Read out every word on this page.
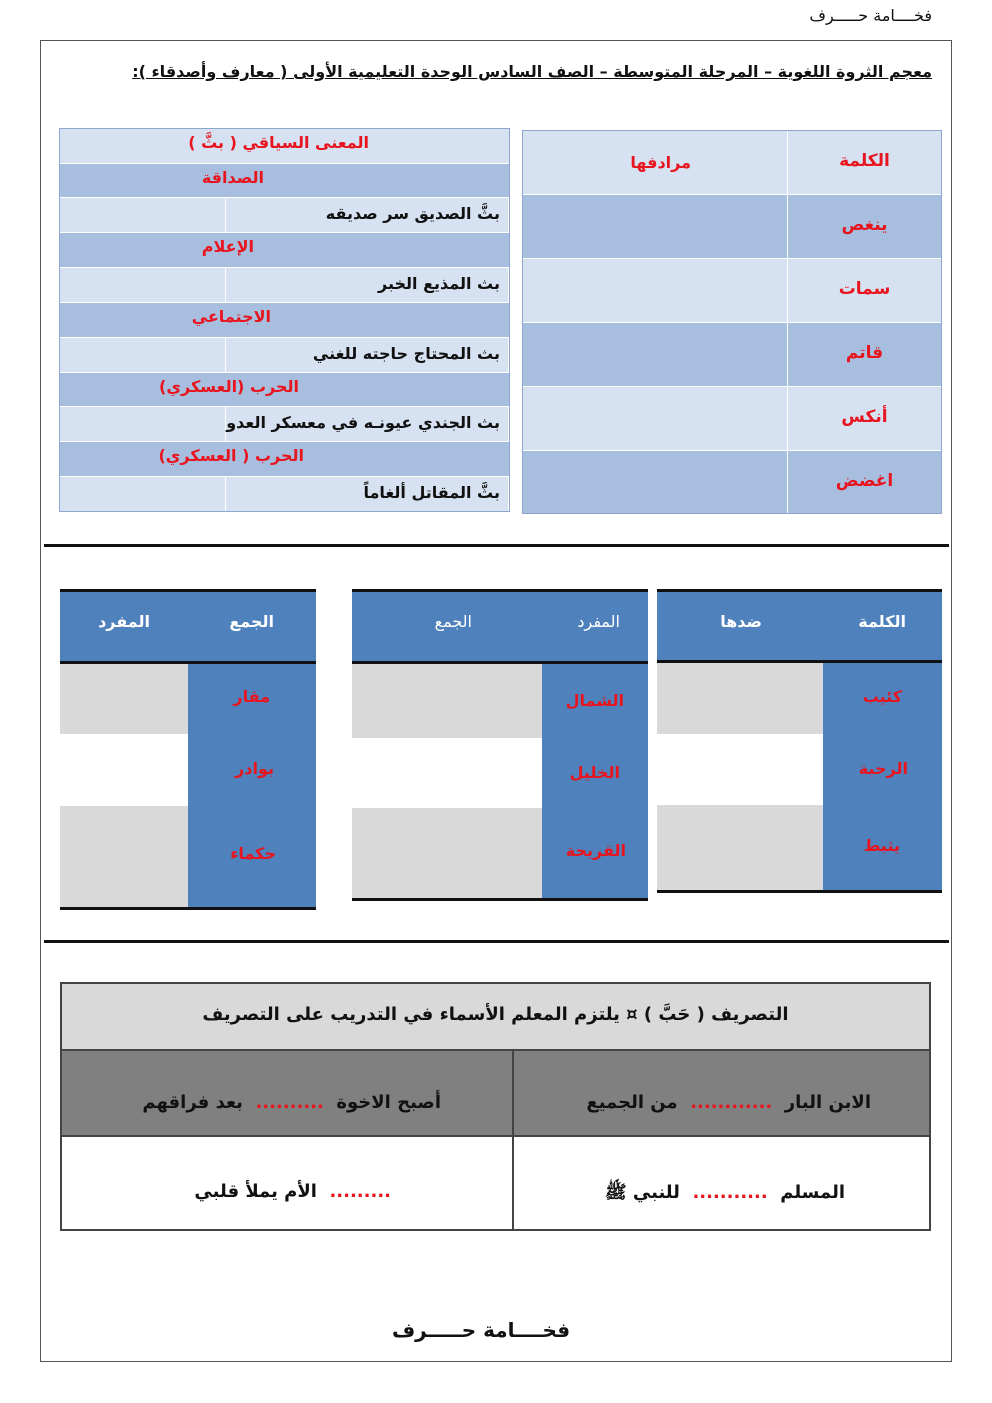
فخــــامة حـــــرف
معجم الثروة اللغوية – المرحلة المتوسطة – الصف السادس الوحدة التعليمية الأولى ( معارف وأصدقاء ):
المعنى السياقي ( بثَّ )
الصداقة
بثَّ الصديق سر صديقه
الإعلام
بث المذيع الخبر
الاجتماعي
بث المحتاج حاجته للغني
الحرب (العسكري)
بث الجندي عيونـه في معسكر العدو
الحرب ( العسكري)
بثَّ المقاتل ألغاماً
الكلمة
مرادفها
ينغص
سمات
قاتم
أنكس
اغضض
الكلمة
ضدها
كئيب
الرحبة
يثبط
المفرد
الجمع
الشمال
الخليل
القريحة
الجمع
المفرد
مقار
بوادر
حكماء
التصريف ( حَبَّ ) ¤ يلتزم المعلم الأسماء في التدريب على التصريف
الابن البار  ............  من الجميع
أصبح الاخوة  ..........  بعد فراقهم
المسلم  ...........  للنبي ﷺ
.........  الأم يملأ قلبي
فخــــامة حـــــرف
